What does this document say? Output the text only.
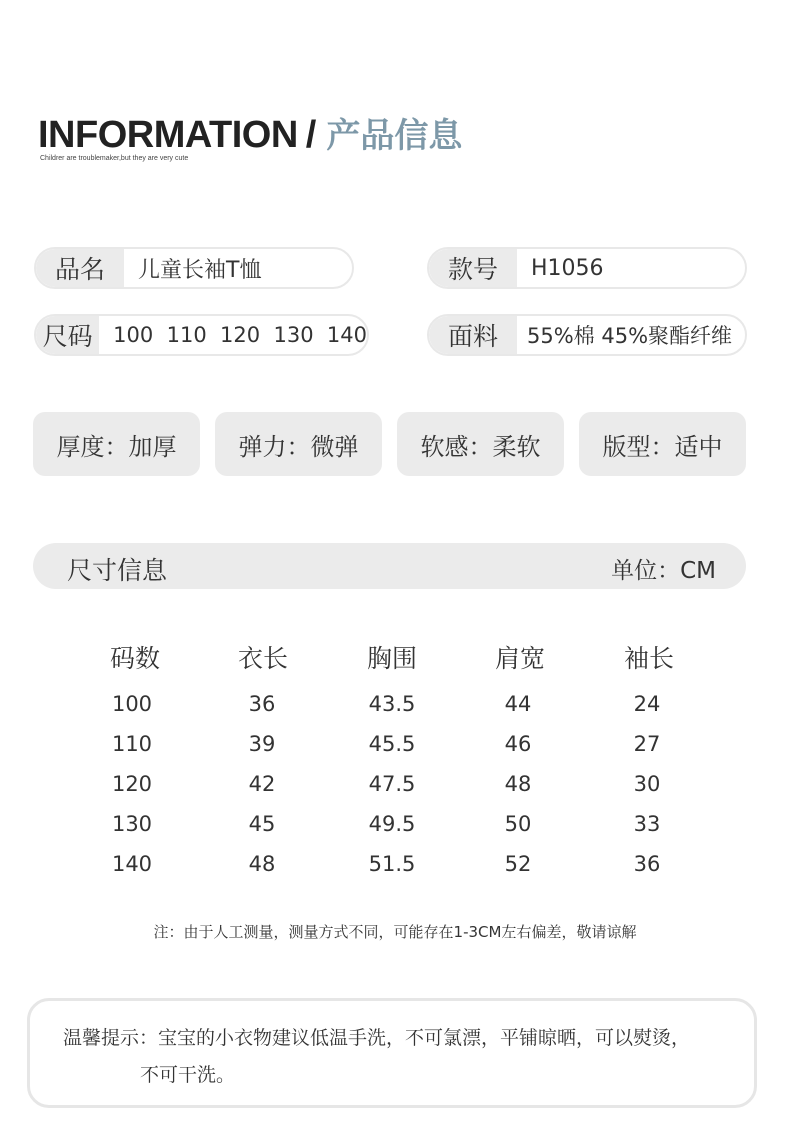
INFORMATION / 产品信息
Childrer are troublemaker,but they are very cute
品名	儿童长袖T恤	款号	H1056
尺码 100  110  120  130  140	面料	55%棉 45%聚酯纤维
厚度：加厚	弹力：微弹	软感：柔软	版型：适中
尺寸信息	单位：CM
码数	衣长	胸围	肩宽	袖长
100	36	43.5	44	24
110	39	45.5	46	27
120	42	47.5	48	30
130	45	49.5	50	33
140	48	51.5	52	36
注：由于人工测量，测量方式不同，可能存在1-3CM左右偏差，敬请谅解
温馨提示：宝宝的小衣物建议低温手洗，不可氯漂，平铺晾晒，可以熨烫，
不可干洗。
